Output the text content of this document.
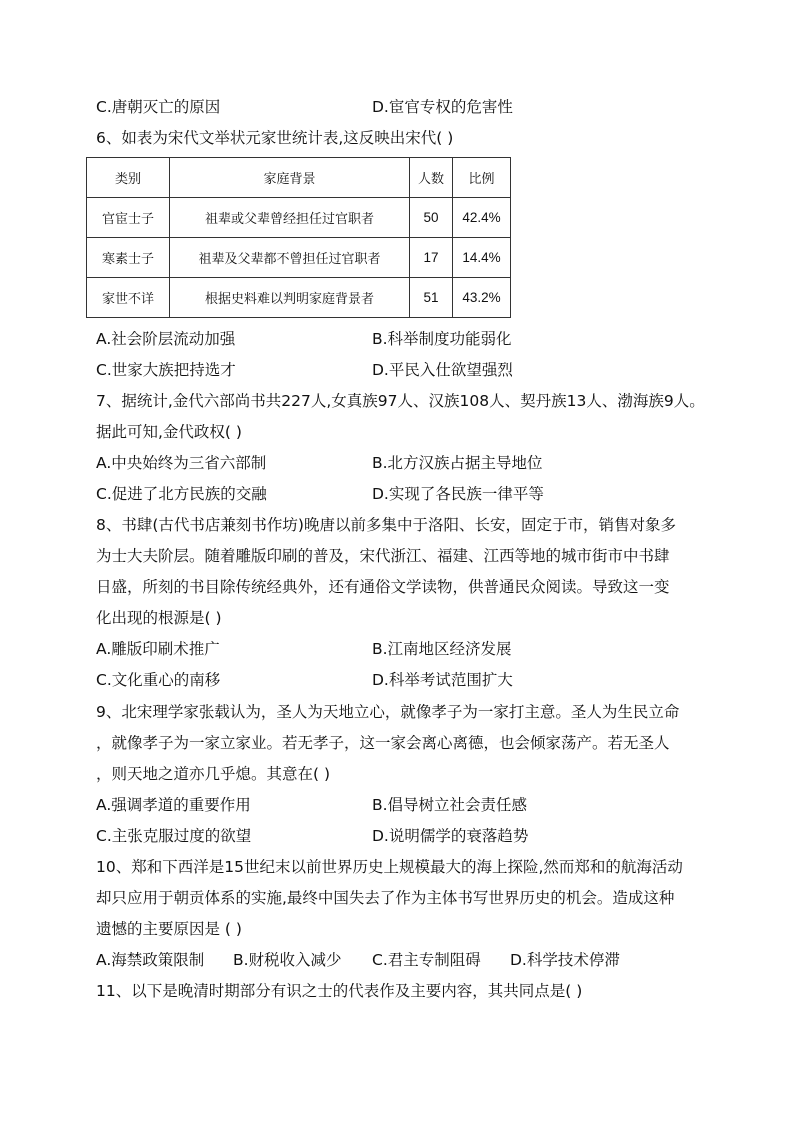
C.唐朝灭亡的原因	D.宦官专权的危害性
6、如表为宋代文举状元家世统计表,这反映出宋代( )
类别	家庭背景	人数	比例
官宦士子	祖辈或父辈曾经担任过官职者	50	42.4%
寒素士子	祖辈及父辈都不曾担任过官职者	17	14.4%
家世不详	根据史料难以判明家庭背景者	51	43.2%
A.社会阶层流动加强	B.科举制度功能弱化
C.世家大族把持选才	D.平民入仕欲望强烈
7、据统计,金代六部尚书共227人,女真族97人、汉族108人、契丹族13人、渤海族9人。
据此可知,金代政权( )
A.中央始终为三省六部制	B.北方汉族占据主导地位
C.促进了北方民族的交融	D.实现了各民族一律平等
8、书肆(古代书店兼刻书作坊)晚唐以前多集中于洛阳、长安，固定于市，销售对象多
为士大夫阶层。随着雕版印刷的普及，宋代浙江、福建、江西等地的城市街市中书肆
日盛，所刻的书目除传统经典外，还有通俗文学读物，供普通民众阅读。导致这一变
化出现的根源是( )
A.雕版印刷术推广	B.江南地区经济发展
C.文化重心的南移	D.科举考试范围扩大
9、北宋理学家张载认为，圣人为天地立心，就像孝子为一家打主意。圣人为生民立命
，就像孝子为一家立家业。若无孝子，这一家会离心离德，也会倾家荡产。若无圣人
，则天地之道亦几乎熄。其意在( )
A.强调孝道的重要作用	B.倡导树立社会责任感
C.主张克服过度的欲望	D.说明儒学的衰落趋势
10、郑和下西洋是15世纪末以前世界历史上规模最大的海上探险,然而郑和的航海活动
却只应用于朝贡体系的实施,最终中国失去了作为主体书写世界历史的机会。造成这种
遗憾的主要原因是 ( )
A.海禁政策限制 B.财税收入减少 C.君主专制阻碍 D.科学技术停滞
11、以下是晚清时期部分有识之士的代表作及主要内容，其共同点是( )
